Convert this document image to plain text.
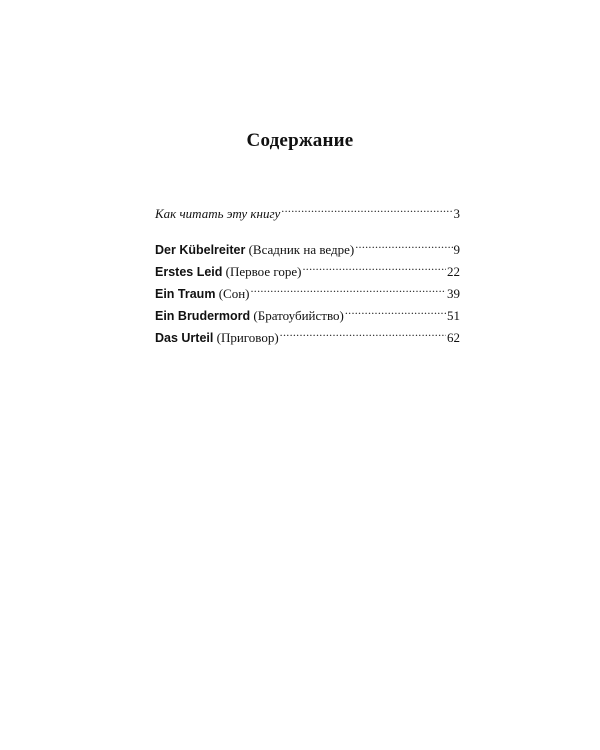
Содержание
Как читать эту книгу .....	3
Der Kübelreiter (Всадник на ведре) .....	9
Erstes Leid (Первое горе) .....	22
Ein Traum (Сон) .....	39
Ein Brudermord (Братоубийство) .....	51
Das Urteil (Приговор) .....	62
